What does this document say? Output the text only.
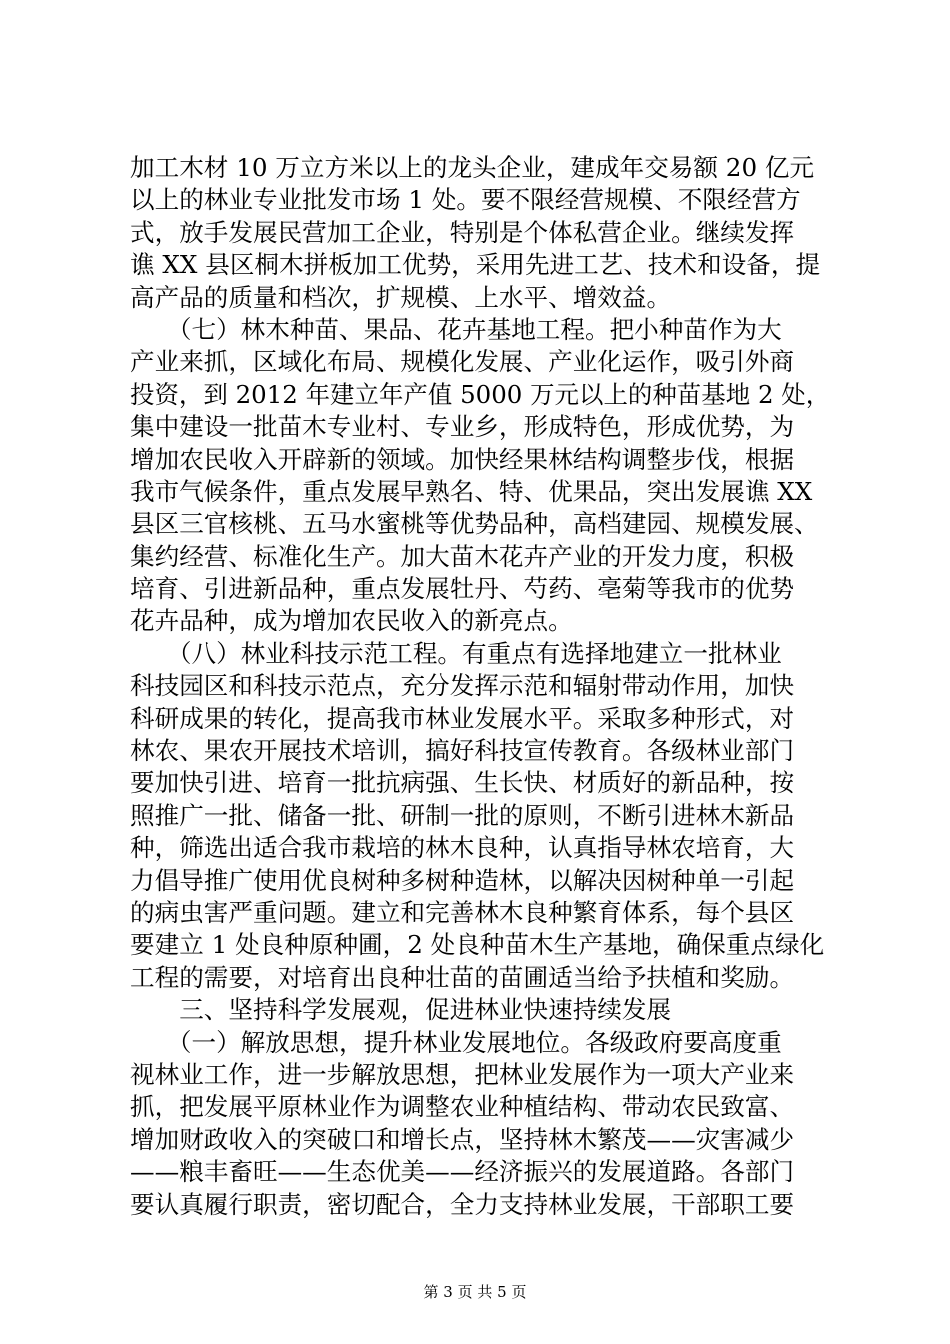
加工木材 10 万立方米以上的龙头企业，建成年交易额 20 亿元
以上的林业专业批发市场 1 处。要不限经营规模、不限经营方
式，放手发展民营加工企业，特别是个体私营企业。继续发挥
谯 XX 县区桐木拼板加工优势，采用先进工艺、技术和设备，提
高产品的质量和档次，扩规模、上水平、增效益。
　　（七）林木种苗、果品、花卉基地工程。把小种苗作为大
产业来抓，区域化布局、规模化发展、产业化运作，吸引外商
投资，到 2012 年建立年产值 5000 万元以上的种苗基地 2 处，
集中建设一批苗木专业村、专业乡，形成特色，形成优势，为
增加农民收入开辟新的领域。加快经果林结构调整步伐，根据
我市气候条件，重点发展早熟名、特、优果品，突出发展谯 XX
县区三官核桃、五马水蜜桃等优势品种，高档建园、规模发展、
集约经营、标准化生产。加大苗木花卉产业的开发力度，积极
培育、引进新品种，重点发展牡丹、芍药、亳菊等我市的优势
花卉品种，成为增加农民收入的新亮点。
　　（八）林业科技示范工程。有重点有选择地建立一批林业
科技园区和科技示范点，充分发挥示范和辐射带动作用，加快
科研成果的转化，提高我市林业发展水平。采取多种形式，对
林农、果农开展技术培训，搞好科技宣传教育。各级林业部门
要加快引进、培育一批抗病强、生长快、材质好的新品种，按
照推广一批、储备一批、研制一批的原则，不断引进林木新品
种，筛选出适合我市栽培的林木良种，认真指导林农培育，大
力倡导推广使用优良树种多树种造林，以解决因树种单一引起
的病虫害严重问题。建立和完善林木良种繁育体系，每个县区
要建立 1 处良种原种圃，2 处良种苗木生产基地，确保重点绿化
工程的需要，对培育出良种壮苗的苗圃适当给予扶植和奖励。
　　三、坚持科学发展观，促进林业快速持续发展
　　（一）解放思想，提升林业发展地位。各级政府要高度重
视林业工作，进一步解放思想，把林业发展作为一项大产业来
抓，把发展平原林业作为调整农业种植结构、带动农民致富、
增加财政收入的突破口和增长点，坚持林木繁茂——灾害减少
——粮丰畜旺——生态优美——经济振兴的发展道路。各部门
要认真履行职责，密切配合，全力支持林业发展，干部职工要
第 3 页 共 5 页
